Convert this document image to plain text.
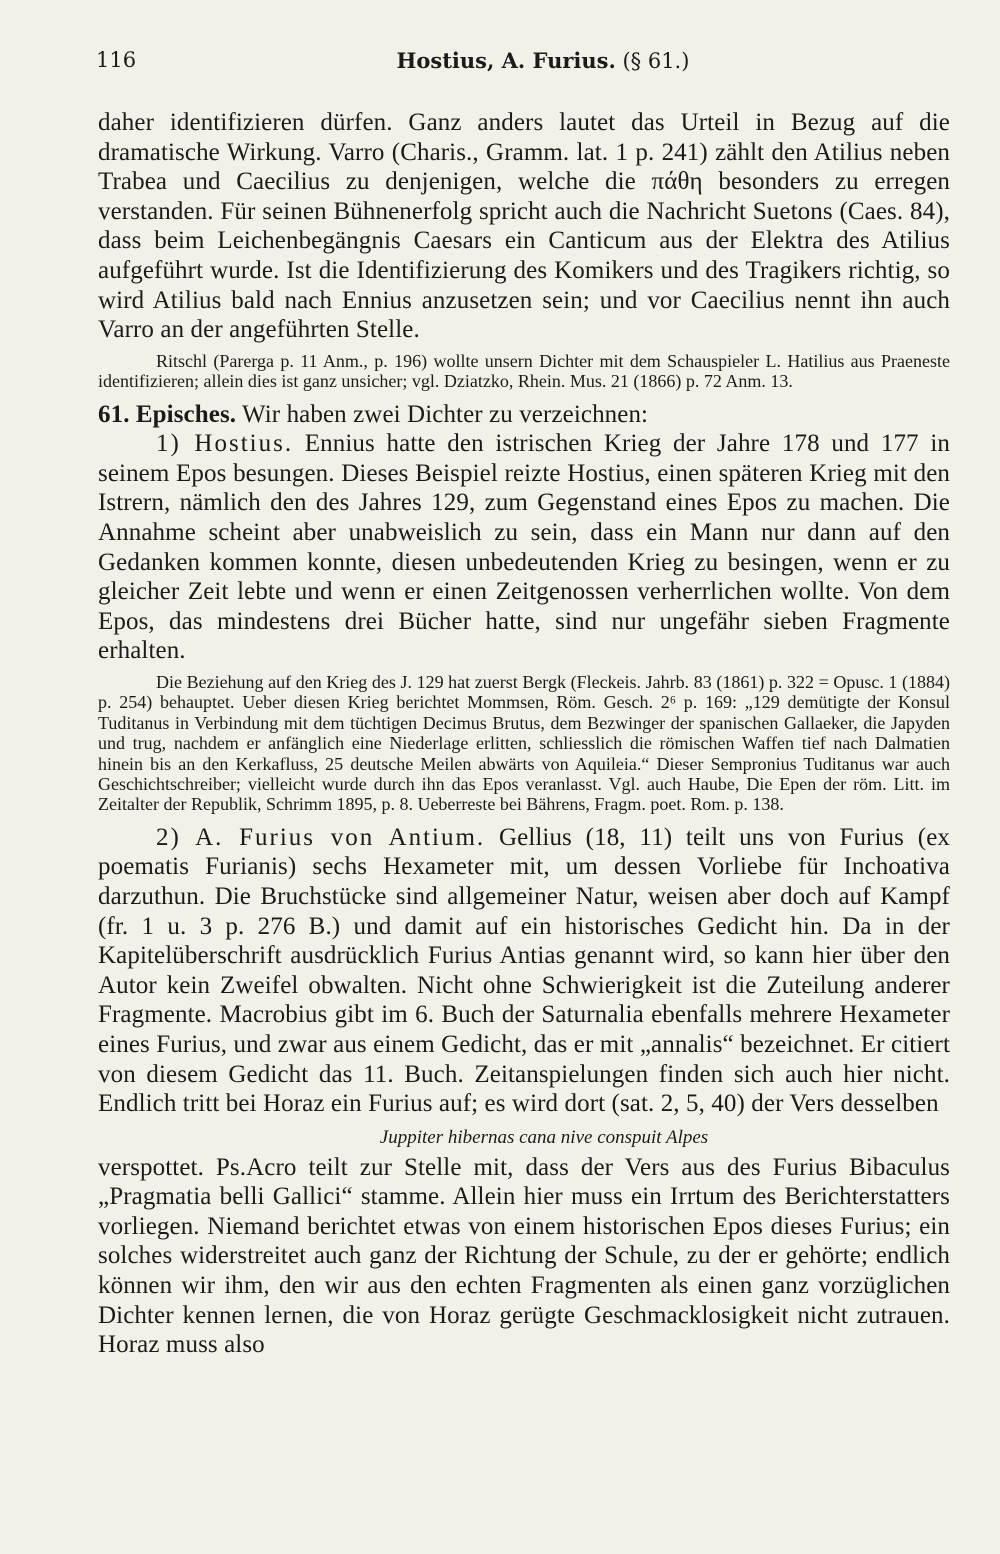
116	Hostius, A. Furius. (§ 61.)

daher identifizieren dürfen. Ganz anders lautet das Urteil in Bezug auf die dramatische Wirkung. Varro (Charis., Gramm. lat. 1 p. 241) zählt den Atilius neben Trabea und Caecilius zu denjenigen, welche die πάθη besonders zu erregen verstanden. Für seinen Bühnenerfolg spricht auch die Nachricht Suetons (Caes. 84), dass beim Leichenbegängnis Caesars ein Canticum aus der Elektra des Atilius aufgeführt wurde. Ist die Identifizierung des Komikers und des Tragikers richtig, so wird Atilius bald nach Ennius anzusetzen sein; und vor Caecilius nennt ihn auch Varro an der angeführten Stelle.

Ritschl (Parerga p. 11 Anm., p. 196) wollte unsern Dichter mit dem Schauspieler L. Hatilius aus Praeneste identifizieren; allein dies ist ganz unsicher; vgl. Dziatzko, Rhein. Mus. 21 (1866) p. 72 Anm. 13.

61. Episches. Wir haben zwei Dichter zu verzeichnen:

1) Hostius. Ennius hatte den istrischen Krieg der Jahre 178 und 177 in seinem Epos besungen. Dieses Beispiel reizte Hostius, einen späteren Krieg mit den Istrern, nämlich den des Jahres 129, zum Gegenstand eines Epos zu machen. Die Annahme scheint aber unabweislich zu sein, dass ein Mann nur dann auf den Gedanken kommen konnte, diesen unbedeutenden Krieg zu besingen, wenn er zu gleicher Zeit lebte und wenn er einen Zeitgenossen verherrlichen wollte. Von dem Epos, das mindestens drei Bücher hatte, sind nur ungefähr sieben Fragmente erhalten.

Die Beziehung auf den Krieg des J. 129 hat zuerst Bergk (Fleckeis. Jahrb. 83 (1861) p. 322 = Opusc. 1 (1884) p. 254) behauptet. Ueber diesen Krieg berichtet Mommsen, Röm. Gesch. 2⁶ p. 169: „129 demütigte der Konsul Tuditanus in Verbindung mit dem tüchtigen Decimus Brutus, dem Bezwinger der spanischen Gallaeker, die Japyden und trug, nachdem er anfänglich eine Niederlage erlitten, schliesslich die römischen Waffen tief nach Dalmatien hinein bis an den Kerkafluss, 25 deutsche Meilen abwärts von Aquileia.“ Dieser Sempronius Tuditanus war auch Geschichtschreiber; vielleicht wurde durch ihn das Epos veranlasst. Vgl. auch Haube, Die Epen der röm. Litt. im Zeitalter der Republik, Schrimm 1895, p. 8. Ueberreste bei Bährens, Fragm. poet. Rom. p. 138.

2) A. Furius von Antium. Gellius (18, 11) teilt uns von Furius (ex poematis Furianis) sechs Hexameter mit, um dessen Vorliebe für Inchoativa darzuthun. Die Bruchstücke sind allgemeiner Natur, weisen aber doch auf Kampf (fr. 1 u. 3 p. 276 B.) und damit auf ein historisches Gedicht hin. Da in der Kapitelüberschrift ausdrücklich Furius Antias genannt wird, so kann hier über den Autor kein Zweifel obwalten. Nicht ohne Schwierigkeit ist die Zuteilung anderer Fragmente. Macrobius gibt im 6. Buch der Saturnalia ebenfalls mehrere Hexameter eines Furius, und zwar aus einem Gedicht, das er mit „annalis“ bezeichnet. Er citiert von diesem Gedicht das 11. Buch. Zeitanspielungen finden sich auch hier nicht. Endlich tritt bei Horaz ein Furius auf; es wird dort (sat. 2, 5, 40) der Vers desselben

Juppiter hibernas cana nive conspuit Alpes

verspottet. Ps.Acro teilt zur Stelle mit, dass der Vers aus des Furius Bibaculus „Pragmatia belli Gallici“ stamme. Allein hier muss ein Irrtum des Berichterstatters vorliegen. Niemand berichtet etwas von einem historischen Epos dieses Furius; ein solches widerstreitet auch ganz der Richtung der Schule, zu der er gehörte; endlich können wir ihm, den wir aus den echten Fragmenten als einen ganz vorzüglichen Dichter kennen lernen, die von Horaz gerügte Geschmacklosigkeit nicht zutrauen. Horaz muss also
